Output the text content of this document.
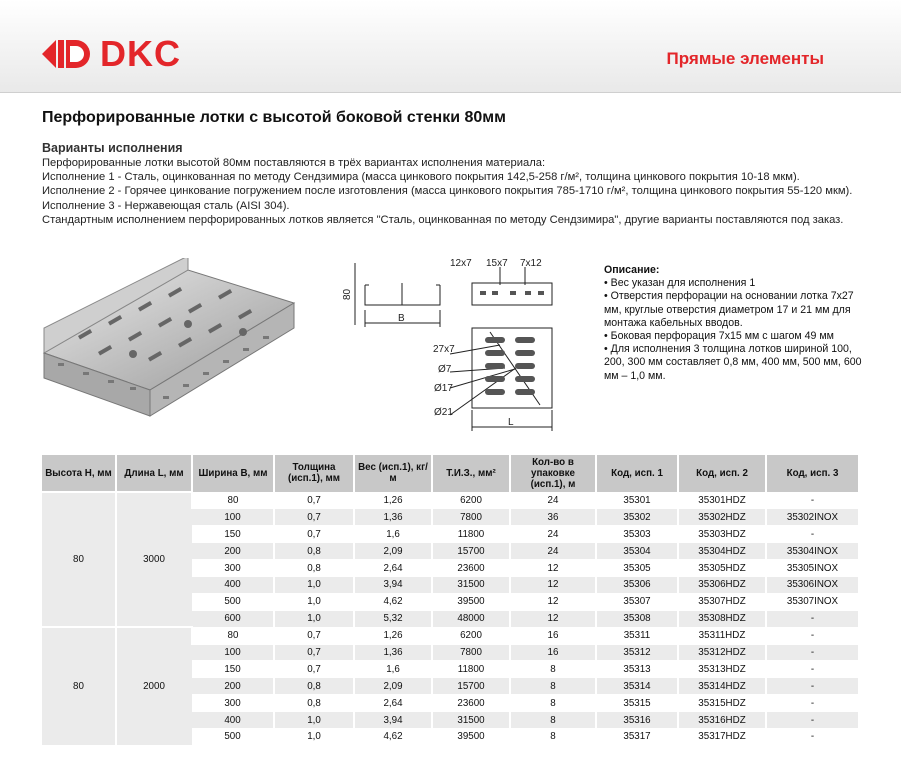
DKC	Прямые элементы
Перфорированные лотки с высотой боковой стенки 80мм
Варианты исполнения

Перфорированные лотки высотой 80мм поставляются в трёх вариантах исполнения материала:

Исполнение 1 - Сталь, оцинкованная по методу Сендзимира (масса цинкового покрытия 142,5-258 г/м², толщина цинкового покрытия 10-18 мкм).

Исполнение 2 - Горячее цинкование погружением после изготовления (масса цинкового покрытия 785-1710 г/м², толщина цинкового покрытия 55-120 мкм).

Исполнение 3 - Нержавеющая сталь (AISI 304).

Стандартным исполнением перфорированных лотков является "Сталь, оцинкованная по методу Сендзимира", другие варианты поставляются под заказ.

80
B
12x7 15x7 7x12
27x7
Ø7
Ø17
Ø21
L
Описание:

• Вес указан для исполнения 1

• Отверстия перфорации на основании лотка 7х27 мм, круглые отверстия диаметром 17 и 21 мм для монтажа кабельных вводов.

• Боковая перфорация 7х15 мм с шагом 49 мм

• Для исполнения 3 толщина лотков шириной 100, 200, 300 мм составляет 0,8 мм, 400 мм, 500 мм, 600 мм – 1,0 мм.

Высота H, мм	Длина L, мм	Ширина B, мм	Толщина (исп.1), мм	Вес (исп.1), кг/м	Т.И.З., мм²	Кол-во в упаковке (исп.1), м	Код, исп. 1	Код, исп. 2	Код, исп. 3
80	3000	80	0,7	1,26	6200	24	35301	35301HDZ	-
		100	0,7	1,36	7800	36	35302	35302HDZ	35302INOX
		150	0,7	1,6	11800	24	35303	35303HDZ	-
		200	0,8	2,09	15700	24	35304	35304HDZ	35304INOX
		300	0,8	2,64	23600	12	35305	35305HDZ	35305INOX
		400	1,0	3,94	31500	12	35306	35306HDZ	35306INOX
		500	1,0	4,62	39500	12	35307	35307HDZ	35307INOX
		600	1,0	5,32	48000	12	35308	35308HDZ	-
80	2000	80	0,7	1,26	6200	16	35311	35311HDZ	-
		100	0,7	1,36	7800	16	35312	35312HDZ	-
		150	0,7	1,6	11800	8	35313	35313HDZ	-
		200	0,8	2,09	15700	8	35314	35314HDZ	-
		300	0,8	2,64	23600	8	35315	35315HDZ	-
		400	1,0	3,94	31500	8	35316	35316HDZ	-
		500	1,0	4,62	39500	8	35317	35317HDZ	-
